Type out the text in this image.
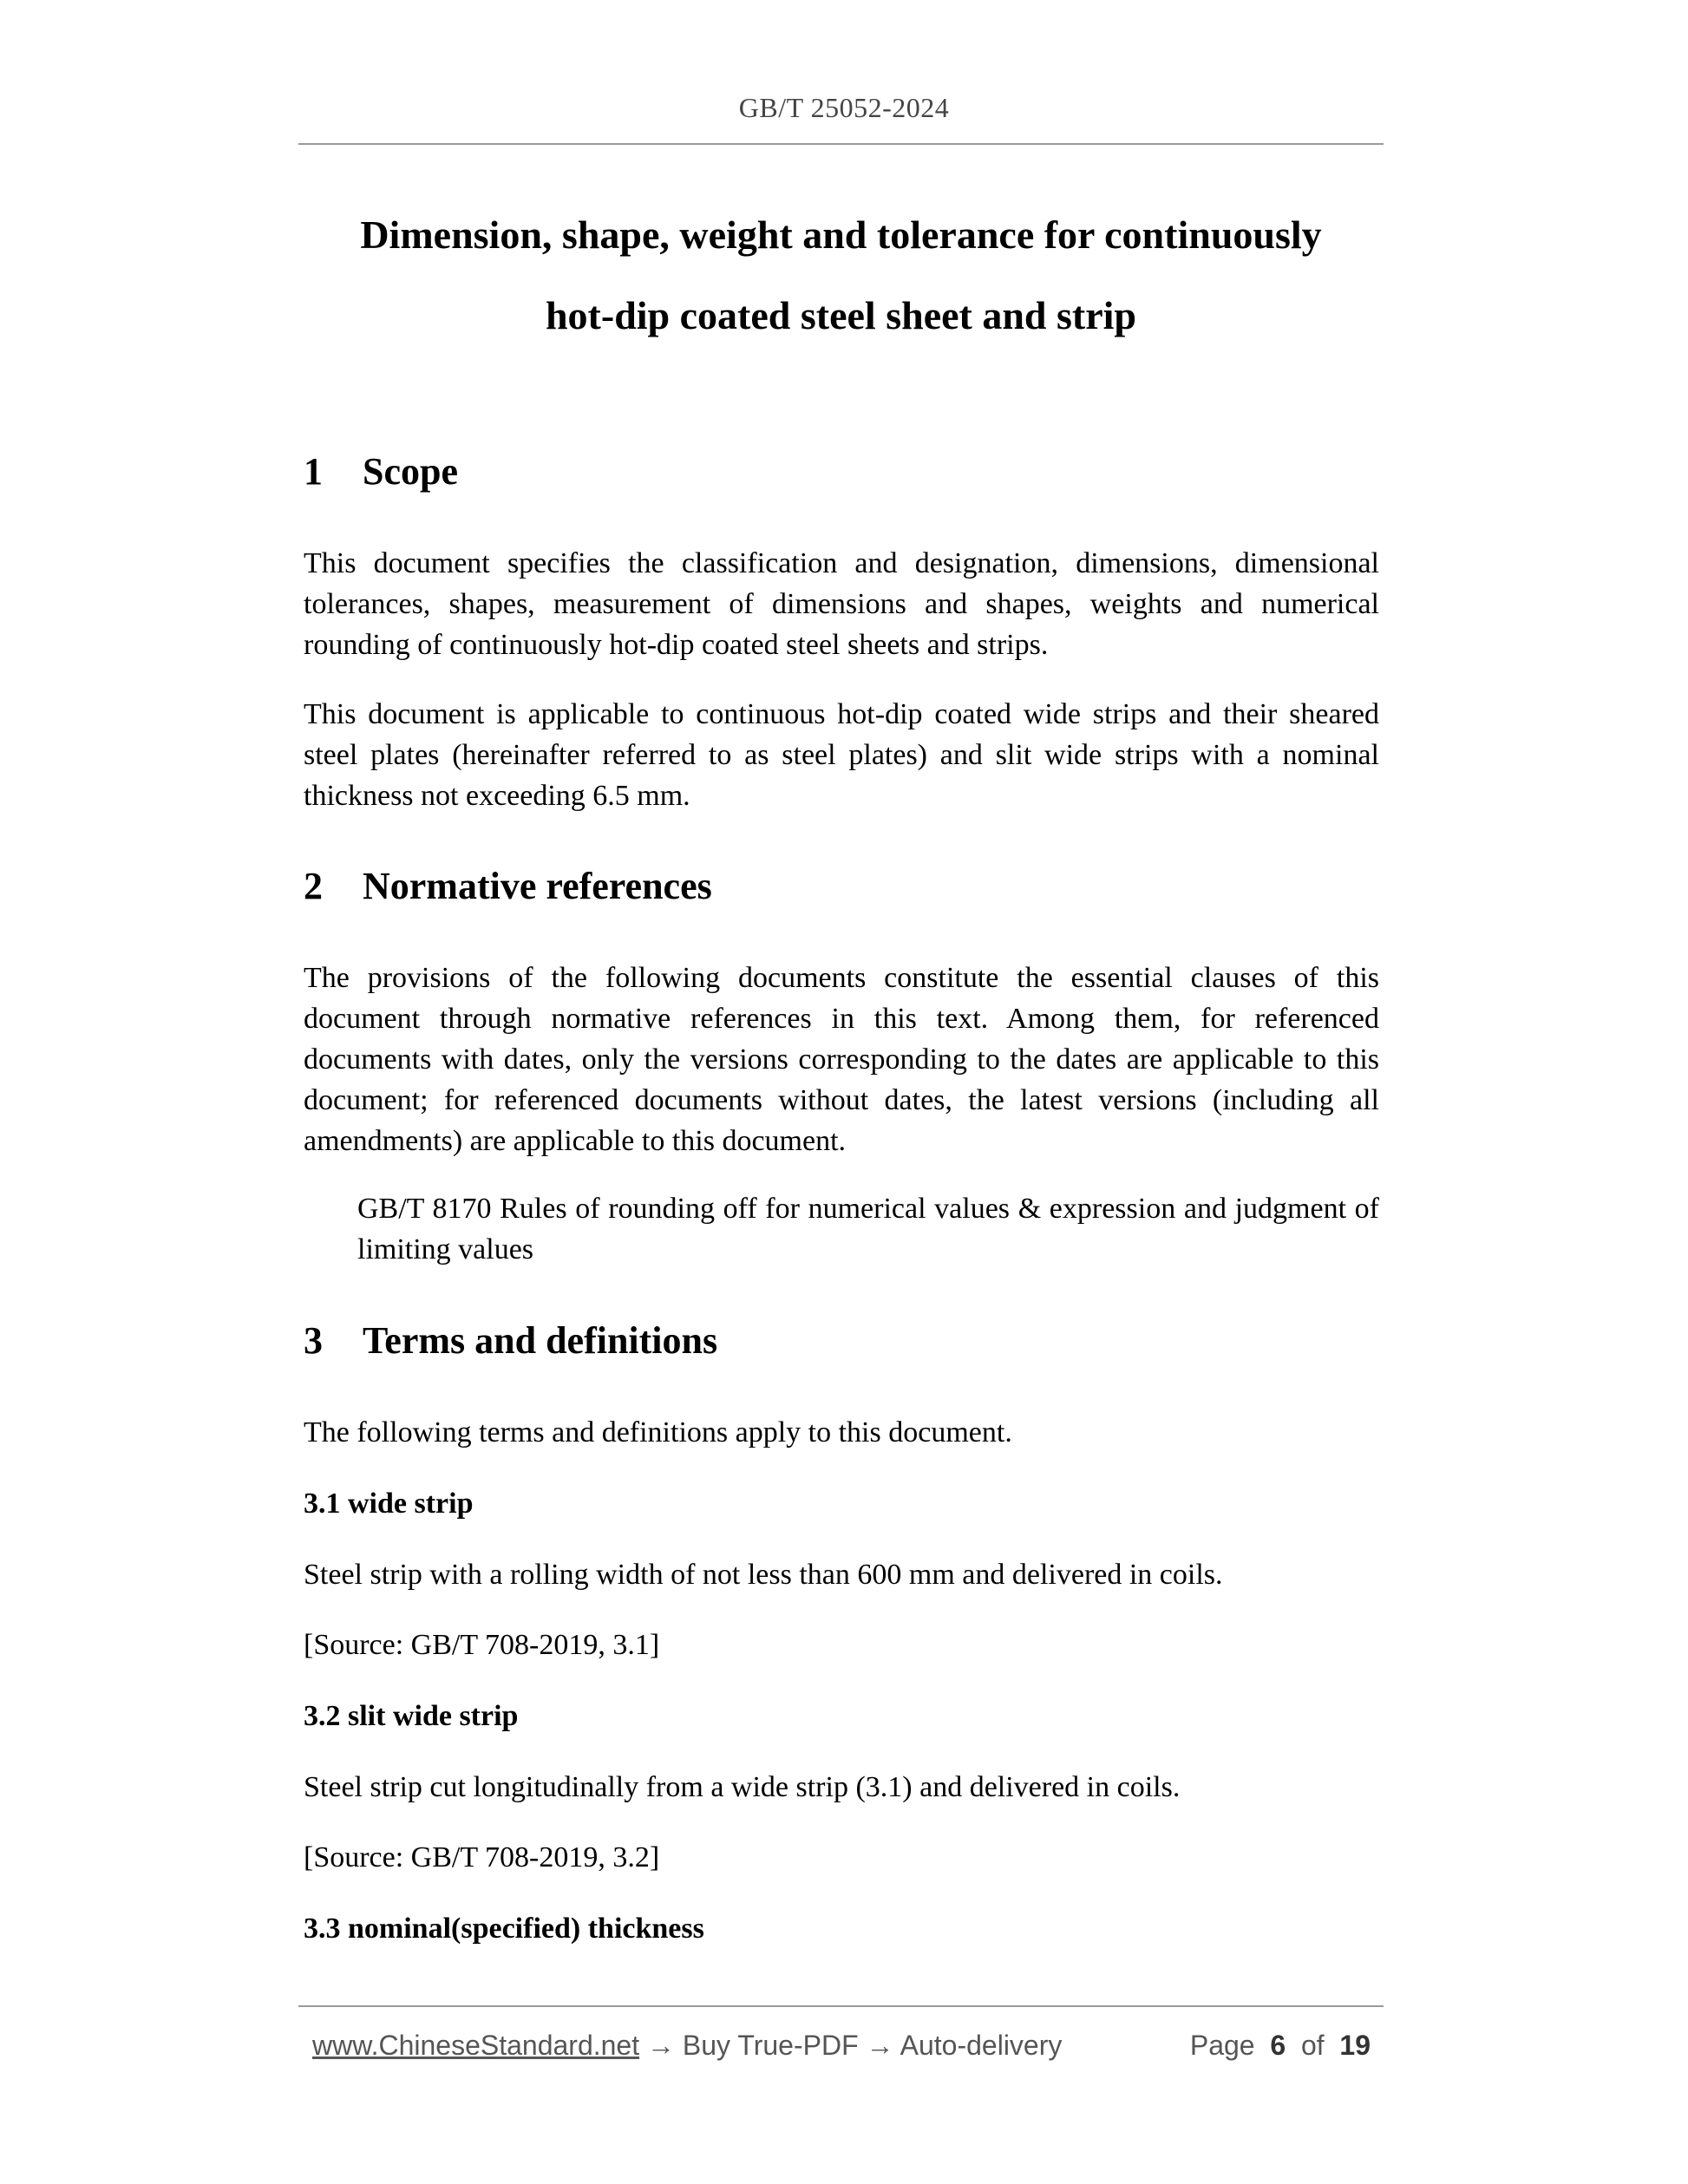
GB/T 25052-2024
Dimension, shape, weight and tolerance for continuously
hot-dip coated steel sheet and strip
1 Scope
This document specifies the classification and designation, dimensions, dimensional tolerances, shapes, measurement of dimensions and shapes, weights and numerical rounding of continuously hot-dip coated steel sheets and strips.
This document is applicable to continuous hot-dip coated wide strips and their sheared steel plates (hereinafter referred to as steel plates) and slit wide strips with a nominal thickness not exceeding 6.5 mm.
2 Normative references
The provisions of the following documents constitute the essential clauses of this document through normative references in this text. Among them, for referenced documents with dates, only the versions corresponding to the dates are applicable to this document; for referenced documents without dates, the latest versions (including all amendments) are applicable to this document.
GB/T 8170 Rules of rounding off for numerical values & expression and judgment of limiting values
3 Terms and definitions
The following terms and definitions apply to this document.
3.1 wide strip
Steel strip with a rolling width of not less than 600 mm and delivered in coils.
[Source: GB/T 708-2019, 3.1]
3.2 slit wide strip
Steel strip cut longitudinally from a wide strip (3.1) and delivered in coils.
[Source: GB/T 708-2019, 3.2]
3.3 nominal(specified) thickness
www.ChineseStandard.net → Buy True-PDF → Auto-delivery	Page 6 of 19
